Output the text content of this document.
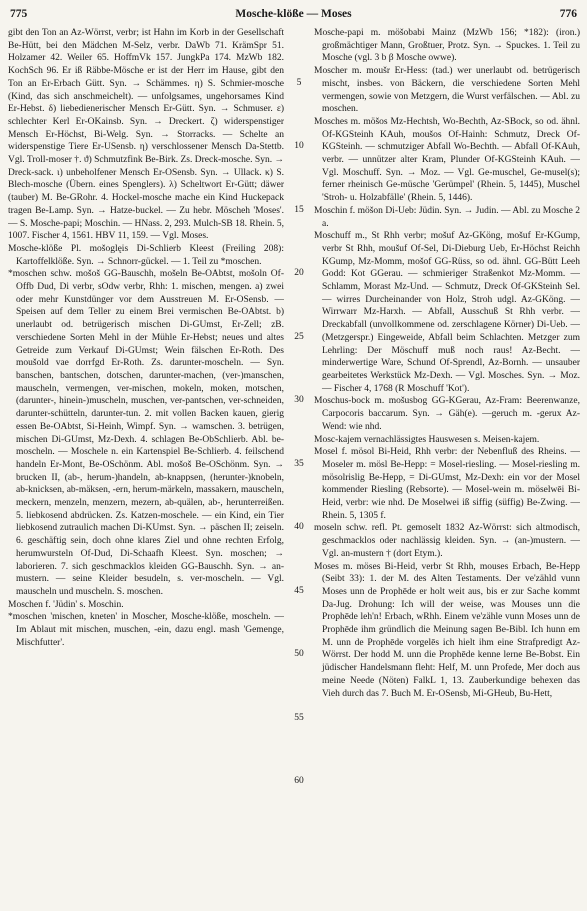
775	Mosche-klöße — Moses	776

gibt den Ton an Az-Wörrst, verbr; ist Hahn im Korb in der Gesellschaft Be-Hütt, bei den Mädchen M-Selz, verbr. DaWb 71. KrämSpr 51. Holzamer 42. Weiler 65. HoffmVk 157. JungkPa 174. MzWb 182. KochSch 96. Er iß Räbbe-Mösche er ist der Herr im Hause, gibt den Ton an Er-Erbach Gütt. Syn. → Schämmes. η) S. Schmier-mosche (Kind, das sich anschmeichelt). — unfolgsames, ungehorsames Kind Er-Hebst. δ) liebedienerischer Mensch Er-Gütt. Syn. → Schmuser. ε) schlechter Kerl Er-OKainsb. Syn. → Dreckert. ζ) widerspenstiger Mensch Er-Höchst, Bi-Welg. Syn. → Storracks. — Schelte an widerspenstige Tiere Er-USensb. η) verschlossener Mensch Da-Stettb. Vgl. Troll-moser †. ϑ) Schmutzfink Be-Birk. Zs. Dreck-mosche. Syn. → Dreck-sack. ι) unbeholfener Mensch Er-OSensb. Syn. → Ullack. κ) S. Blech-mosche (Übern. eines Spenglers). λ) Scheltwort Er-Gütt; däwer (tauber) M. Be-GRohr. 4. Hockel-mosche mache ein Kind Huckepack tragen Be-Lamp. Syn. → Hatze-buckel. — Zu hebr. Möscheh 'Moses'. — S. Mosche-papi; Moschin. — HNass. 2, 293. Mulch-SB 18. Rhein. 5, 1007. Fischer 4, 1561. HBV 11, 159. — Vgl. Moses.

Mosche-klöße Pl. mošoglęis Di-Schlierb Kleest (Freiling 208): Kartoffelklöße. Syn. → Schnorr-gückel. — 1. Teil zu *moschen.

*moschen schw. mošoš GG-Bauschh, mošeln Be-OAbtst, mošoln Of-Offb Dud, Di verbr, sOdw verbr, Rhh: 1. mischen, mengen. a) zwei oder mehr Kunstdünger vor dem Ausstreuen M. Er-OSensb. — Speisen auf dem Teller zu einem Brei vermischen Be-OAbtst. b) unerlaubt od. betrügerisch mischen Di-GUmst, Er-Zell; zB. verschiedene Sorten Mehl in der Mühle Er-Hebst; neues und altes Getreide zum Verkauf Di-GUmst; Wein fälschen Er-Roth. Des moušold vae dorrfgd Er-Roth. Zs. darunter-moscheln. — Syn. banschen, bantschen, dotschen, darunter-machen, (ver-)manschen, mauscheln, vermengen, ver-mischen, mokeln, moken, motschen, (darunter-, hinein-)muscheln, muschen, ver-pantschen, ver-schneiden, darunter-schütteln, darunter-tun. 2. mit vollen Backen kauen, gierig essen Be-OAbtst, Si-Heinh, Wimpf. Syn. → wamschen. 3. betrügen, mischen Di-GUmst, Mz-Dexh. 4. schlagen Be-ObSchlierb. Abl. be-moscheln. — Moschele n. ein Kartenspiel Be-Schlierb. 4. feilschend handeln Er-Mont, Be-OSchönm. Abl. mošoš Be-OSchönm. Syn. → brucken II, (ab-, herum-)handeln, ab-knappsen, (herunter-)knobeln, ab-knicksen, ab-mäksen, -ern, herum-märkeln, massakern, mauscheln, meckern, menzeln, menzern, mezern, ab-quälen, ab-, herunterreißen. 5. liebkosend abdrücken. Zs. Katzen-moschele. — ein Kind, ein Tier liebkosend zutraulich machen Di-KUmst. Syn. → päschen II; zeiseln. 6. geschäftig sein, doch ohne klares Ziel und ohne rechten Erfolg, herumwursteln Of-Dud, Di-Schaafh Kleest. Syn. moschen; → laborieren. 7. sich geschmacklos kleiden GG-Bauschh. Syn. → an-mustern. — seine Kleider besudeln, s. ver-moscheln. — Vgl. mauscheln und muscheln. S. moschen.

Moschen f. 'Jüdin' s. Moschin.

*moschen 'mischen, kneten' in Moscher, Mosche-klöße, moscheln. — Im Ablaut mit mischen, muschen, -ein, dazu engl. mash 'Gemenge, Mischfutter'.

5
10
15
20
25
30
35
40
45
50
55
60

Mosche-papi m. möšobabi Mainz (MzWb 156; *182): (iron.) großmächtiger Mann, Großtuer, Protz. Syn. → Spuckes. 1. Teil zu Mosche (vgl. 3 b β Mosche owwe).

Moscher m. moušr Er-Hess: (tad.) wer unerlaubt od. betrügerisch mischt, insbes. von Bäckern, die verschiedene Sorten Mehl vermengen, sowie von Metzgern, die Wurst verfälschen. — Abl. zu moschen.

Mosches m. möšos Mz-Hechtsh, Wo-Bechth, Az-SBock, so od. ähnl. Of-KGSteinh KAuh, moušos Of-Hainh: Schmutz, Dreck Of-KGSteinh. — schmutziger Abfall Wo-Bechth. — Abfall Of-KAuh, verbr. — unnützer alter Kram, Plunder Of-KGSteinh KAuh. — Vgl. Moschuff. Syn. → Moz. — Vgl. Ge-muschel, Ge-musel(s); ferner rheinisch Ge-müsche 'Gerümpel' (Rhein. 5, 1445), Muschel 'Stroh- u. Holzabfälle' (Rhein. 5, 1446).

Moschin f. möšon Di-Ueb: Jüdin. Syn. → Judin. — Abl. zu Mosche 2 a.

Moschuff m., St Rhh verbr; mošuf Az-GKöng, mošuf Er-KGump, verbr St Rhh, moušuf Of-Sel, Di-Dieburg Ueb, Er-Höchst Reichh KGump, Mz-Momm, mošof GG-Rüss, so od. ähnl. GG-Bütt Leeh Godd: Kot GGerau. — schmieriger Straßenkot Mz-Momm. — Schlamm, Morast Mz-Und. — Schmutz, Dreck Of-GKSteinh Sel. — wirres Durcheinander von Holz, Stroh udgl. Az-GKöng. — Wirrwarr Mz-Harxh. — Abfall, Ausschuß St Rhh verbr. — Dreckabfall (unvollkommene od. zerschlagene Körner) Di-Ueb. — (Metzgerspr.) Eingeweide, Abfall beim Schlachten. Metzger zum Lehrling: Der Möschuff muß noch raus! Az-Becht. — minderwertige Ware, Schund Of-Sprendl, Az-Bornh. — unsauber gearbeitetes Werkstück Mz-Dexh. — Vgl. Mosches. Syn. → Moz. — Fischer 4, 1768 (R Moschuff 'Kot').

Moschus-bock m. mošusbog GG-KGerau, Az-Fram: Beerenwanze, Carpocoris baccarum. Syn. → Gäh(e). —geruch m. -gerux Az-Wend: wie nhd.

Mosc-kajem vernachlässigtes Hauswesen s. Meisen-kajem.

Mosel f. mösol Bi-Heid, Rhh verbr: der Nebenfluß des Rheins. — Moseler m. mösl Be-Hepp: = Mosel-riesling. — Mosel-riesling m. mösolrislig Be-Hepp, = Di-GUmst, Mz-Dexh: ein vor der Mosel kommender Riesling (Rebsorte). — Mosel-wein m. möselwēi Bi-Heid, verbr: wie nhd. De Moselwei iß siffig (süffig) Be-Zwing. — Rhein. 5, 1305 f.

moseln schw. refl. Pt. gemoselt 1832 Az-Wörrst: sich altmodisch, geschmacklos oder nachlässig kleiden. Syn. → (an-)mustern. — Vgl. an-mustern † (dort Etym.).

Moses m. möses Bi-Heid, verbr St Rhh, mouses Erbach, Be-Hepp (Seibt 33): 1. der M. des Alten Testaments. Der ve'zähld vunn Moses unn de Prophēde er holt weit aus, bis er zur Sache kommt Da-Jug. Drohung: Ich will der weise, was Mouses unn die Prophēde leh'n! Erbach, wRhh. Einem ve'zähle vunn Moses unn de Prophēde ihm gründlich die Meinung sagen Be-Bibl. Ich hunn em M. unn de Prophēde vorgelēs ich hielt ihm eine Strafpredigt Az-Wörrst. Der hodd M. unn die Prophēde kenne lerne Be-Bobst. Ein jüdischer Handelsmann fleht: Helf, M. unn Profede, Mer doch aus meine Neede (Nöten) FalkL 1, 13. Zauberkundige behexen das Vieh durch das 7. Buch M. Er-OSensb, Mi-GHeub, Bu-Hett,
